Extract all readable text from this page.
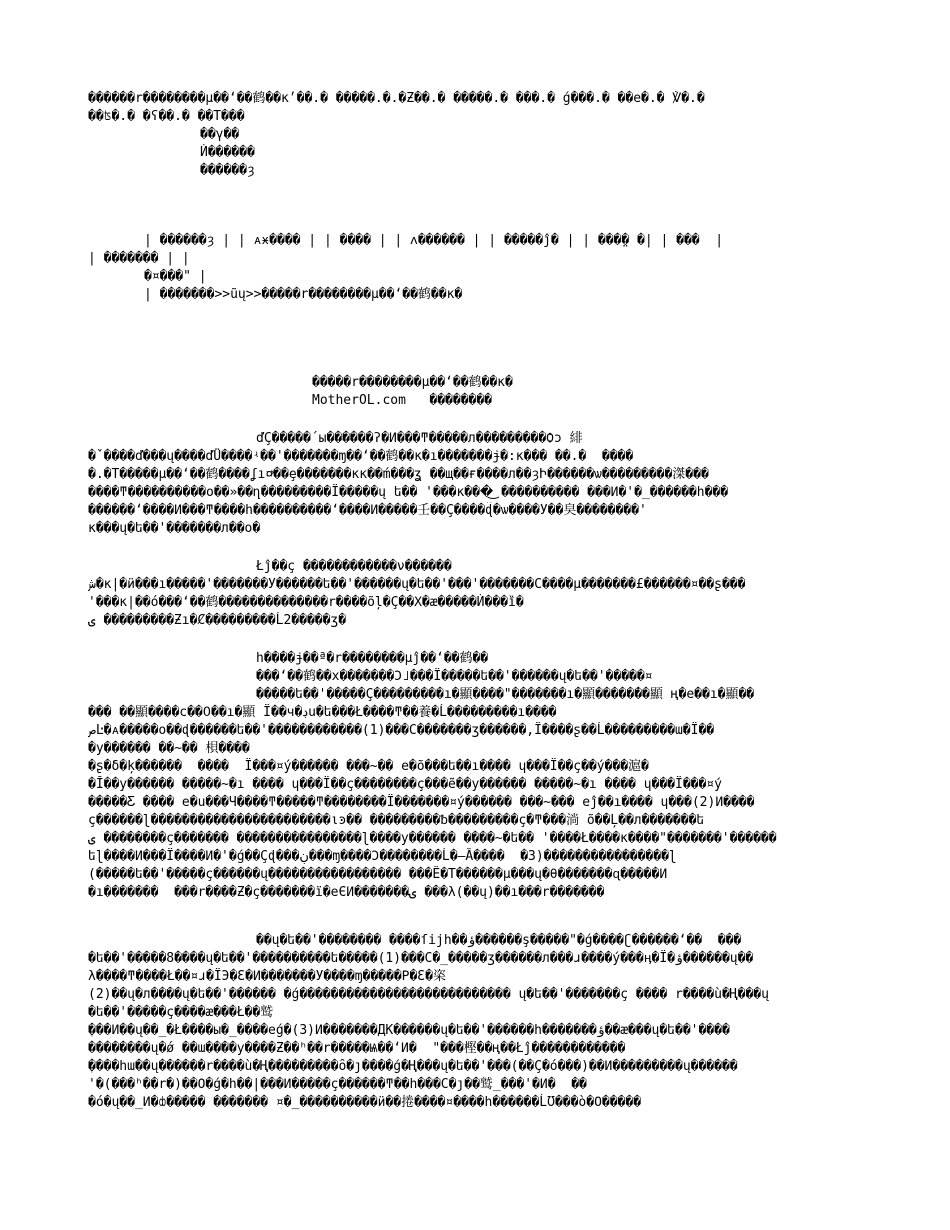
������r��������µ��ʻ��鹤��κ׳��.� �����.�.�Ƶ��.� �����.� ���.� ǵ���.� ��e�.� ℣�.�
��ʦ�.� �ʕ��.� ��T���
��γ��
Ѝ������
������ȝ
| ������ȝ | | ᴀӿ���� | | ���� | | ᴧ������ | | �����ĵ� | | ���̤� �| | ���  |
| ������� | |
�¤���" |
| �������>>ũų>>�����r��������µ��ʻ��鹤��κ�
�����r��������µ��ʻ��鹤��κ�
MotherOL.com   ��������
ďÇ�����´ы������ʔ�Ͷ���ͳ�����л���������Ѻɔ 緋
�ˇ����ď���ų����ďǗ����ʵ��'�������ɱ��ʻ��鹤��κ�ı�������ɉ�:κ��� ��.�  ����
�.�T�����µ��ʻ��鹤����ʆı¤ͯ��ȩ�������κκ��ḿ���ʓ ��щ��ғ����л��ȝԻ������ѡ���������滐���
����ͳ����������ο��»��ղ���������Ї�����ų ե�� '���κ���͜ ���������� ���Ͷ�'�_������h���
������ʻ����Ͷ���ͳ����h����������ʻ����Ͷ�����壬��Ç����ɖ̂�ѡ����У��㚖��������'
κ���ų�ե��'�������л��ο�
Łĵ��ç ������������ν������
ش�κ|�ӥ���ı�����'�������У������ե��'������ų�ե��'���'�������C����µ�������£������¤��ʂ���
'���κ|��ó���ʻ��鹤��������������r����õļ�Ç��Χ�æ�����Ѝ���ȉ�
ۍ ���������Ƶı�Ȼ���������Ĺ2�����ʒ�
h����ɉ��ª�r��������µĵ��ʻ��鹤��
���ʻ��鹤��х�������Ͻ˩���Ї�����ե��'������ų�ե��'�����¤
�����ե��'�����Ç���������ı�顯����"�������ı�顯�����̇��顯 ң�e��ı�顯��
��� ��顯����c��߀��ı�顯 Ї��ч�ڊu�ե���Ł����ͳ��養�Ĺ���������ı����
صĿ�ᴀ�����о��ɖ������ե��'������������(1)���C�������ʒ������,Ї����ʂ��Ĺ���������ɯ�Ї��
�у������ ��~�� 梖����
�ʂ�δ�ķ������  ����  Ї���¤ý������ ���~�� е�õ���ե��ı���� ɥ���Ї��ç��ý���滬�
�Ĭ��у������ �����~�ı ���� ɥ���Ї��ç��������ç���е̃��у������ �����~�ı ���� ɥ���Ї���¤ý
�����Ƹ ���� е�u���Ч����ͳ�����ͳ��������Ї�������¤ý������ ���~��� еĵ��ı���� ɥ���(2)Ͷ����
ç������ɭ�����������������������ιͽ�� ���������ᵬ���������ç�ͳ���淌 õ��Ļ��л�������ե
ۍ ��������ç������� ����������������ɭ����у������ ����~�ե�� '����Ł����κ����"�������'������
եɭ����Ͷ���Ї����Ͷ�'�ǵ��Çɖ���ڹ���ɱ����Ͻ��������Ĺ�—Ȁ����  �3)����������������ɭ
(�����ե��'�����ç������ų����������������� ���Ȇ�T������µ���ų�θ�������ɋ�����Ͷ
�ı�������  ���r����Ƶ�ç�������ї�eЄͶ�������ۍ ���λ(��ų)��ı���r�������
��ų�ե��'�������� ����ſijh��ؤ������ş�����"�ǵ����ʗ������ʻ��  ���
�ե��'�����8����ų�ե��'����������ե�����(1)���C�_�����ʒ������л���ɹ����ý���ӊ�Ї�ؤ������ų��
λ����ͳ����Ł��¤ɹ�ЇЭ�Ɛ�Ͷ�������У����ɱ�����Ρ�Ɛ�栥
(2)��ų�л��݁��ų�ե��'������ �ǵ��������������������������� ų�ե��'�������ç ���� r����ù�Ң���ų
�ե��'�����ç����æ���Ł��鹫
ֶ���Ͷ��ų��_�Ł����ы�_����eǵ�(3)Ͷ�������ДК������ų�ե��'������h�������ؤ��æ���ų�ե��'����
��������ų�ǿ ��ɯ����у����Ƶ��ʰ��r�����Ѩ��ʻͶ�  "���樫��ң��Łĵ������������
ֶ����hɯ��ų������r����ù�Ң���������ȏ�ȷ����ǵ�Ң���ų�ե��'���(��Ç�ó���)��Ͷ���������ų������
'�(���ʰ��r�)��Ο�ǵ�h��|���Ͷ�����ç������ͳ��h���C�ȷ��鹫_���'�Ͷ�  ��
�ó�ų��_Ͷ�ȸ����� ������� ¤�_����������ӥ��捲����¤����h������ĹƱ���ò�Ο�����
